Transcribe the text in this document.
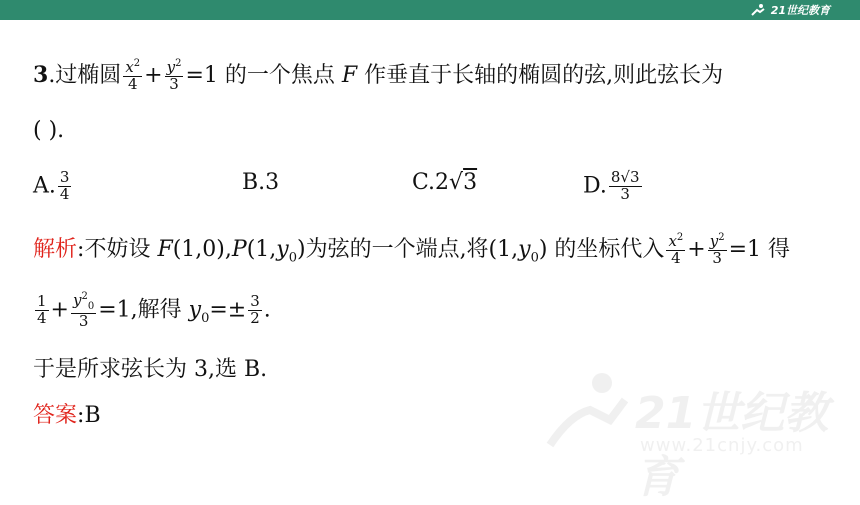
21世纪教育
3.过椭圆 $\frac{x^2}{4} + \frac{y^2}{3} =1$ 的一个焦点 F 作垂直于长轴的椭圆的弦,则此弦长为
( ).
A. $\frac{3}{4}$	B.3	C.2√3	D. $\frac{8√3}{3}$
解析:不妨设 $F(1,0),P(1,y_0)$为弦的一个端点,将$(1,y_0)$ 的坐标代入 $\frac{x^2}{4} + \frac{y^2}{3} =1$ 得
$\frac{1}{4} + \frac{y^2_0}{3} =1$,解得 $y_0=\pm \frac{3}{2}$ .
于是所求弦长为 3,选 B.
答案:B	21世纪教育
www.21cnjy.com
